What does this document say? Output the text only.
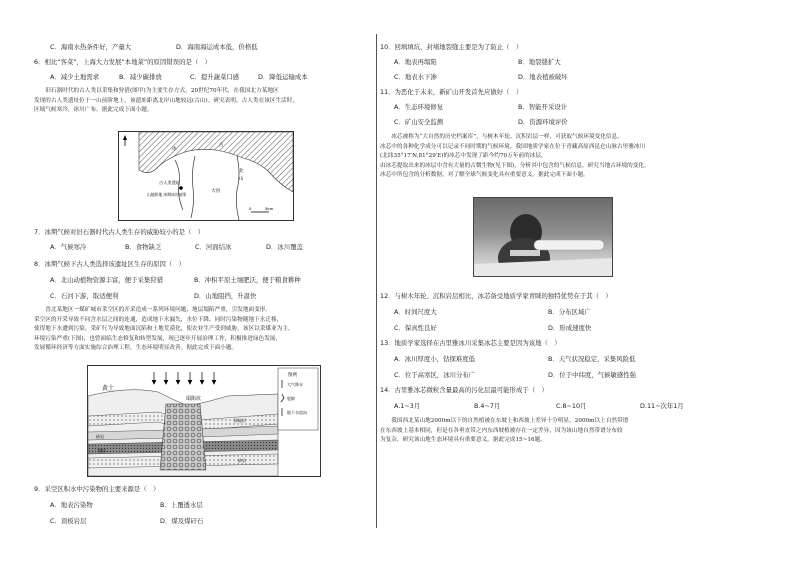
C．海南水热条件好，产量大	D．海南海运成本低，价格低
6．相比“客菜”，上海大力发展“本地菜”的原因错误的是（　）
A．减少土地需求	B．减少碳排放	C．提升蔬菜口感	D．降低运输成本
　　旧石器时代的古人类以采集和狩猎(图甲)为主要生存方式。20世纪70年代，在我国北方某地区
发现的古人类遗址位于一山前阶地上，该遗址距离北岸山地较远(古山)。研究表明，古人类在该区生活时，
区域气候寒冷，冰川广布。据此完成下面小题。
古人类遗址
山地阶地 冰期冰川前缘
大河
冰
古
北
山
0	5km
7．冰期气候对旧石器时代古人类生存的威胁较小的是（　）
A．气候寒冷	B．食物缺乏	C．河面结冰	D．冰川覆盖
8．冰期气候下古人类选择该遗址区生存的原因（　）
A．北山动植物资源丰富，便于采集狩猎	B．冲积平原土壤肥沃，便于粮食耕种
C．石河下游，取适便利	D．山地阻挡，升温快
　　晋北某地区一煤矿城市采空区的开采造成一系列环境问题，地层塌陷严重，引发地面变形。
采空区的开采导致不同含水层之间的连通，造成地下水漏失，水位下降，同时污染物随地下水迁移，
使得地下水遭到污染。采矿行为导致地面沉陷和土地荒漠化，使农业生产受到威胁。该区以采煤业为主，
环境污染严重(下图)，也曾面临生态修复和转型发展，现已逐步开展治理工作，积极推进绿色发展，
发展循环经济等方面实施综合治理工程，生态环境明显改善。据此完成下面小题。
黄土
塌陷坑
砂砾层
砂岩
煤层
砂岩
图例
大气降水
裂隙
地下水流向
9．采空区积水中污染物的主要来源是（　）
A．地表污染物	B．上覆透水层
C．顶板岩层	D．煤及煤矸石
10．回填填坑、封堵地裂缝主要是为了防止（　）
A．地表再塌陷	B．地裂缝扩大
C．地表水下渗	D．地表植被破坏
11．为恶化于未来，新矿山开发首先应做好（　）
A．生态环境修复	B．智能开采设计
C．矿山安全监测	D．资源环境评价
　　冰芯被称为“大自然的历史档案库”，与树木年轮、沉积岩层一样，可获取气候环境变化信息。
冰芯中的各种化学成分可以记录不同时期的气候环境。我国地质学家在位于青藏高原西昆仑山脉古里雅冰川
(北纬35°17′N,81°29′E)的冰芯中发现了距今约70万年前的冰层，
由冰芯提取出来的冰层中含有大量的古微生物(见下图)，分析其中包含的气候信息，研究当地古环境的变化，
冰芯中所包含的分析数据，对了解全球气候变化具有重要意义。据此完成下面小题。
12．与树木年轮、沉积岩层相比，冰芯备受地质学家青睐的独特优势在于其（　）
A．时间尺度大	B．分布区域广
C．保真性良好	D．形成速度快
13．地质学家选择在古里雅冰川采集冰芯主要是因为该地（　）
A．冰川厚度小，钻探难度低	B．天气状况稳定，采集风险低
C．位于高寒区，冰川分布广	D．位于中纬度，气候敏感性强
14．古里雅冰芯微粒含量最高的污化层最可能形成于（　）
A.1~3月	B.4~7月	C.8~10月	D.11~次年1月
　　我国西北某山地2000m以下的自然植被在东坡上和西坡上差异十分明显，2000m以上自然带谱
在东西坡上基本相同，但是在各垂直带之内东西坡植被存在一定差异，因为该山地自然带谱分布较
为复杂，研究该山地生态环境具有重要意义。据此完成15~16题。
